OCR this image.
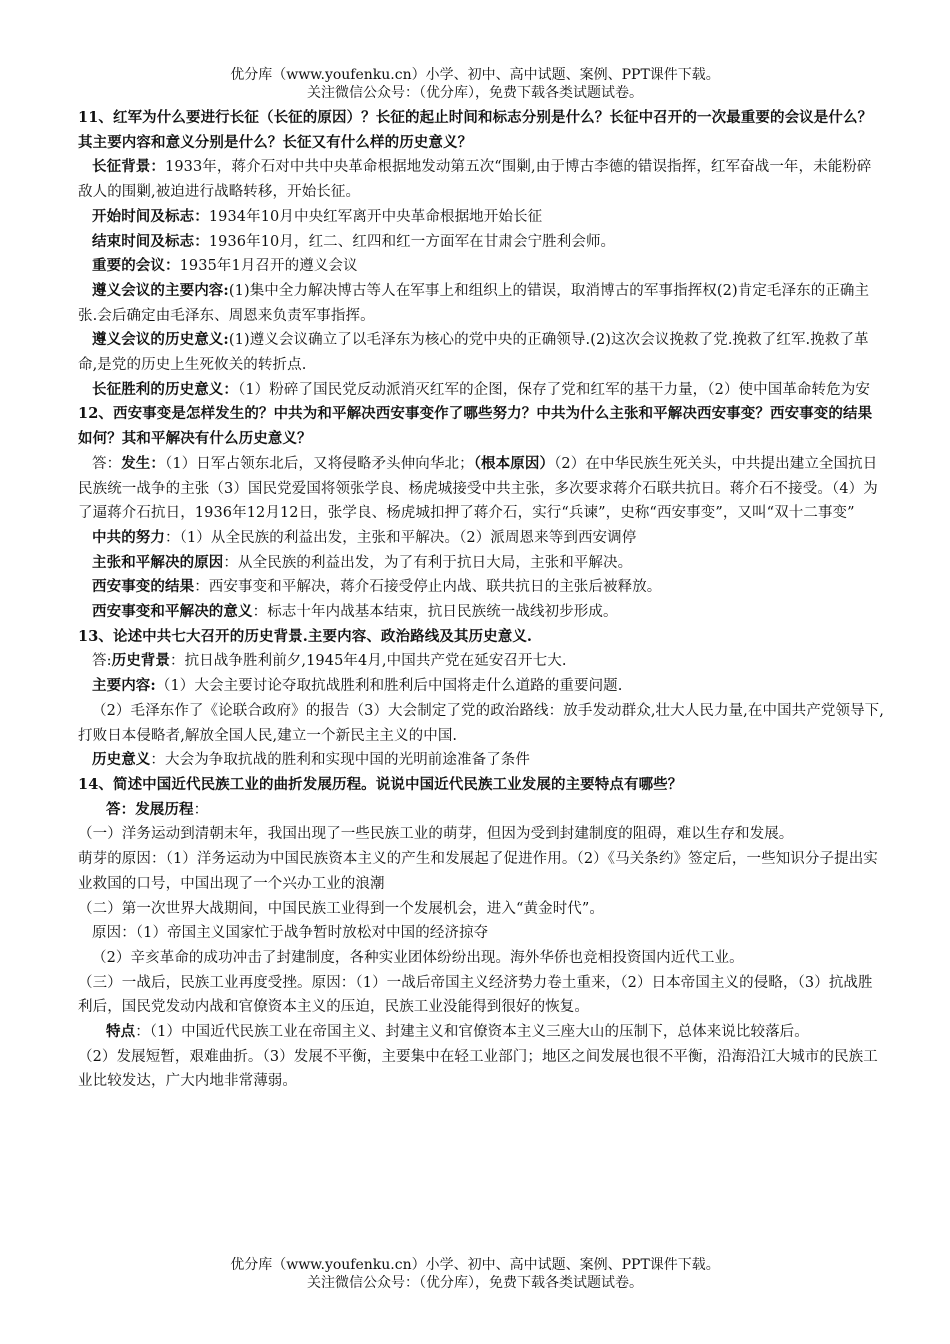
优分库（www.youfenku.cn）小学、初中、高中试题、案例、PPT课件下载。
关注微信公众号：（优分库），免费下载各类试题试卷。

11、红军为什么要进行长征（长征的原因）？长征的起止时间和标志分别是什么？长征中召开的一次最重要的会议是什么？其主要内容和意义分别是什么？长征又有什么样的历史意义？

长征背景：1933年，蒋介石对中共中央革命根据地发动第五次“围剿,由于博古李德的错误指挥，红军奋战一年，未能粉碎敌人的围剿,被迫进行战略转移，开始长征。

开始时间及标志：1934年10月中央红军离开中央革命根据地开始长征

结束时间及标志：1936年10月，红二、红四和红一方面军在甘肃会宁胜利会师。

重要的会议：1935年1月召开的遵义会议

遵义会议的主要内容:(1)集中全力解决博古等人在军事上和组织上的错误，取消博古的军事指挥权(2)肯定毛泽东的正确主张.会后确定由毛泽东、周恩来负责军事指挥。

遵义会议的历史意义:(1)遵义会议确立了以毛泽东为核心的党中央的正确领导.(2)这次会议挽救了党.挽救了红军.挽救了革命,是党的历史上生死攸关的转折点.

长征胜利的历史意义：（1）粉碎了国民党反动派消灭红军的企图，保存了党和红军的基干力量，（2）使中国革命转危为安

12、西安事变是怎样发生的？中共为和平解决西安事变作了哪些努力？中共为什么主张和平解决西安事变？西安事变的结果如何？其和平解决有什么历史意义？

答：发生：（1）日军占领东北后，又将侵略矛头伸向华北；（根本原因）（2）在中华民族生死关头，中共提出建立全国抗日民族统一战争的主张（3）国民党爱国将领张学良、杨虎城接受中共主张，多次要求蒋介石联共抗日。蒋介石不接受。（4）为了逼蒋介石抗日，1936年12月12日，张学良、杨虎城扣押了蒋介石，实行“兵谏”，史称“西安事变”，又叫“双十二事变”

中共的努力：（1）从全民族的利益出发，主张和平解决。（2）派周恩来等到西安调停

主张和平解决的原因：从全民族的利益出发，为了有利于抗日大局，主张和平解决。

西安事变的结果：西安事变和平解决，蒋介石接受停止内战、联共抗日的主张后被释放。

西安事变和平解决的意义：标志十年内战基本结束，抗日民族统一战线初步形成。

13、论述中共七大召开的历史背景.主要内容、政治路线及其历史意义.

答:历史背景：抗日战争胜利前夕,1945年4月,中国共产党在延安召开七大.

主要内容:（1）大会主要讨论夺取抗战胜利和胜利后中国将走什么道路的重要问题.

（2）毛泽东作了《论联合政府》的报告（3）大会制定了党的政治路线：放手发动群众,壮大人民力量,在中国共产党领导下,打败日本侵略者,解放全国人民,建立一个新民主主义的中国.

历史意义：大会为争取抗战的胜利和实现中国的光明前途准备了条件

14、简述中国近代民族工业的曲折发展历程。说说中国近代民族工业发展的主要特点有哪些？

答：发展历程：

（一）洋务运动到清朝末年，我国出现了一些民族工业的萌芽，但因为受到封建制度的阻碍，难以生存和发展。

萌芽的原因：（1）洋务运动为中国民族资本主义的产生和发展起了促进作用。（2）《马关条约》签定后，一些知识分子提出实业救国的口号，中国出现了一个兴办工业的浪潮

（二）第一次世界大战期间，中国民族工业得到一个发展机会，进入“黄金时代”。

原因：（1）帝国主义国家忙于战争暂时放松对中国的经济掠夺

（2）辛亥革命的成功冲击了封建制度，各种实业团体纷纷出现。海外华侨也竞相投资国内近代工业。

（三）一战后，民族工业再度受挫。原因：（1）一战后帝国主义经济势力卷土重来，（2）日本帝国主义的侵略，（3）抗战胜利后，国民党发动内战和官僚资本主义的压迫，民族工业没能得到很好的恢复。

特点：（1）中国近代民族工业在帝国主义、封建主义和官僚资本主义三座大山的压制下，总体来说比较落后。

（2）发展短暂，艰难曲折。（3）发展不平衡，主要集中在轻工业部门；地区之间发展也很不平衡，沿海沿江大城市的民族工业比较发达，广大内地非常薄弱。

优分库（www.youfenku.cn）小学、初中、高中试题、案例、PPT课件下载。
关注微信公众号：（优分库），免费下载各类试题试卷。
